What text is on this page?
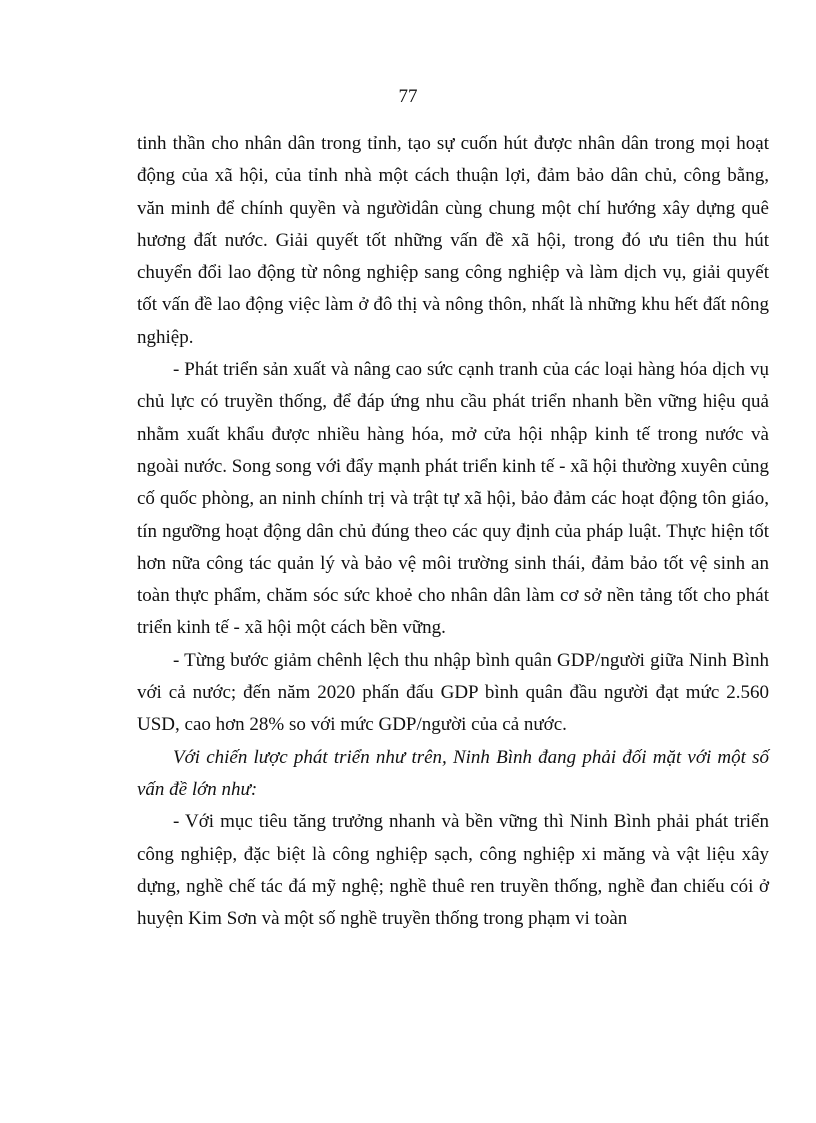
77

tinh thần cho nhân dân trong tỉnh, tạo sự cuốn hút được nhân dân trong mọi hoạt động của xã hội, của tỉnh nhà một cách thuận lợi, đảm bảo dân chủ, công bằng, văn minh để chính quyền và ngườidân cùng chung một chí hướng xây dựng quê hương đất nước. Giải quyết tốt những vấn đề xã hội, trong đó ưu tiên thu hút chuyển đổi lao động từ nông nghiệp sang công nghiệp và làm dịch vụ, giải quyết tốt vấn đề lao động việc làm ở đô thị và nông thôn, nhất là những khu hết đất nông nghiệp.

- Phát triển sản xuất và nâng cao sức cạnh tranh của các loại hàng hóa dịch vụ chủ lực có truyền thống, để đáp ứng nhu cầu phát triển nhanh bền vững hiệu quả nhằm xuất khẩu được nhiều hàng hóa, mở cửa hội nhập kinh tế trong nước và ngoài nước. Song song với đẩy mạnh phát triển kinh tế - xã hội thường xuyên củng cố quốc phòng, an ninh chính trị và trật tự xã hội, bảo đảm các hoạt động tôn giáo, tín ngưỡng hoạt động dân chủ đúng theo các quy định của pháp luật. Thực hiện tốt hơn nữa công tác quản lý và bảo vệ môi trường sinh thái, đảm bảo tốt vệ sinh an toàn thực phẩm, chăm sóc sức khoẻ cho nhân dân làm cơ sở nền tảng tốt cho phát triển kinh tế - xã hội một cách bền vững.

- Từng bước giảm chênh lệch thu nhập bình quân GDP/người giữa Ninh Bình với cả nước; đến năm 2020 phấn đấu GDP bình quân đầu người đạt mức 2.560 USD, cao hơn 28% so với mức GDP/người của cả nước.

Với chiến lược phát triển như trên, Ninh Bình đang phải đối mặt với một số vấn đề lớn như:

- Với mục tiêu tăng trưởng nhanh và bền vững thì Ninh Bình phải phát triển công nghiệp, đặc biệt là công nghiệp sạch, công nghiệp xi măng và vật liệu xây dựng, nghề chế tác đá mỹ nghệ; nghề thuê ren truyền thống, nghề đan chiếu cói ở huyện Kim Sơn và một số nghề truyền thống trong phạm vi toàn
